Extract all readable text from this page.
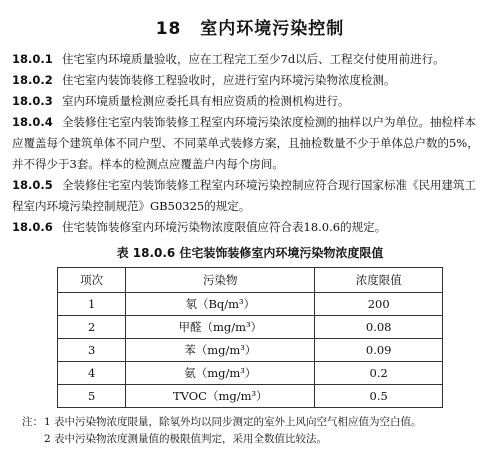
18 室内环境污染控制

18.0.1 住宅室内环境质量验收，应在工程完工至少7d以后、工程交付使用前进行。

18.0.2 住宅室内装饰装修工程验收时，应进行室内环境污染物浓度检测。

18.0.3 室内环境质量检测应委托具有相应资质的检测机构进行。

18.0.4 全装修住宅室内装饰装修工程室内环境污染浓度检测的抽样以户为单位。抽检样本
应覆盖每个建筑单体不同户型、不同菜单式装修方案，且抽检数量不少于单体总户数的5%，
并不得少于3套。样本的检测点应覆盖户内每个房间。

18.0.5 全装修住宅室内装饰装修工程室内环境污染控制应符合现行国家标准《民用建筑工
程室内环境污染控制规范》GB50325的规定。

18.0.6 住宅装饰装修室内环境污染物浓度限值应符合表18.0.6的规定。

表 18.0.6 住宅装饰装修室内环境污染物浓度限值
项次	污染物	浓度限值
1	氡（Bq/m³）	200
2	甲醛（mg/m³）	0.08
3	苯（mg/m³）	0.09
4	氨（mg/m³）	0.2
5	TVOC（mg/m³）	0.5
注：1 表中污染物浓度限量，除氡外均以同步测定的室外上风向空气相应值为空白值。
2 表中污染物浓度测量值的极限值判定，采用全数值比较法。
